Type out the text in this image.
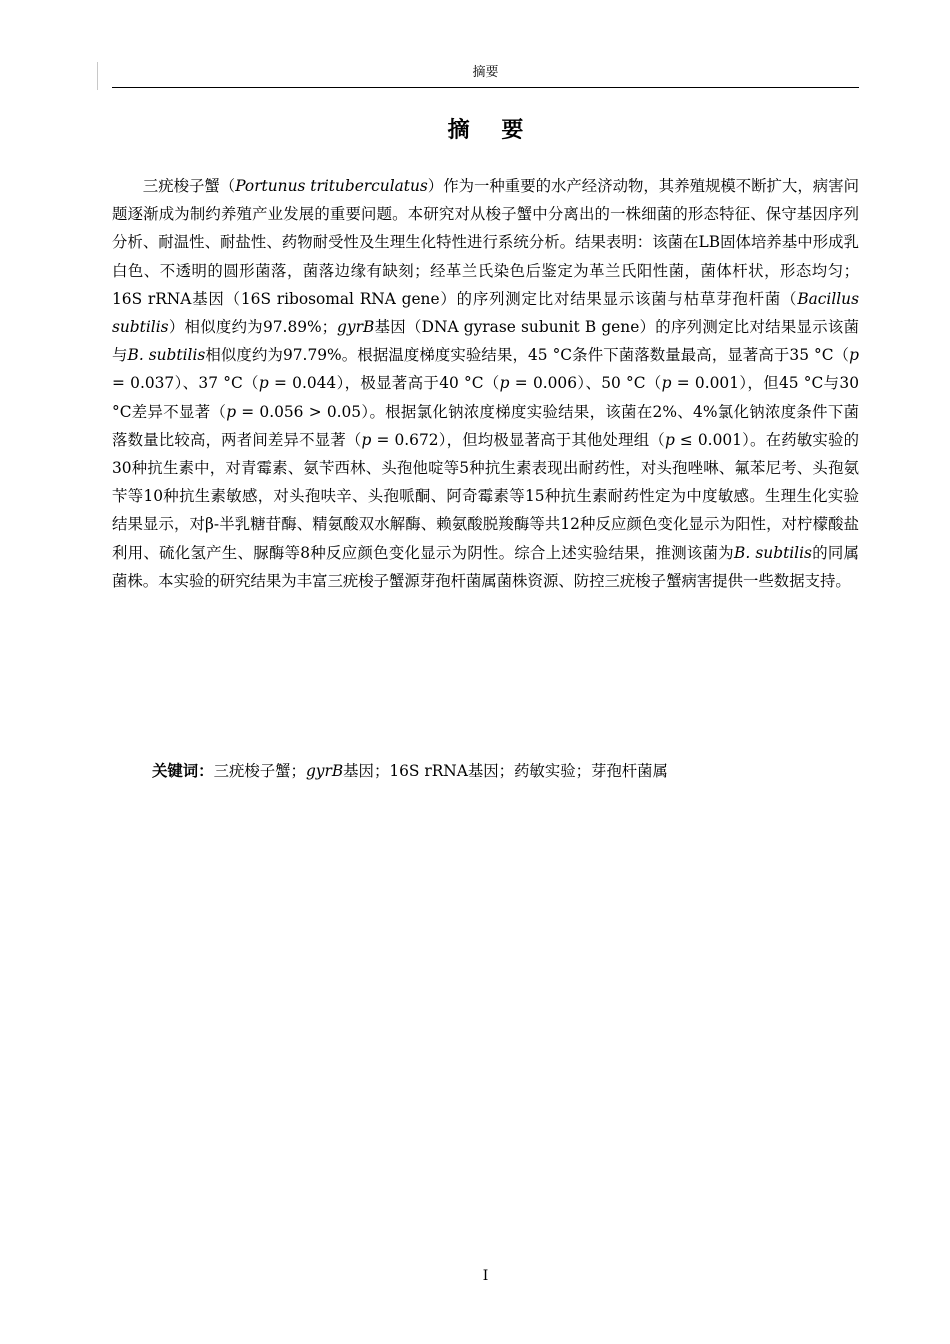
摘要
摘 要

三疣梭子蟹（Portunus trituberculatus）作为一种重要的水产经济动物，其养殖规模不断扩大，病害问题逐渐成为制约养殖产业发展的重要问题。本研究对从梭子蟹中分离出的一株细菌的形态特征、保守基因序列分析、耐温性、耐盐性、药物耐受性及生理生化特性进行系统分析。结果表明：该菌在LB固体培养基中形成乳白色、不透明的圆形菌落，菌落边缘有缺刻；经革兰氏染色后鉴定为革兰氏阳性菌，菌体杆状，形态均匀；16S rRNA基因（16S ribosomal RNA gene）的序列测定比对结果显示该菌与枯草芽孢杆菌（Bacillus subtilis）相似度约为97.89%；gyrB基因（DNA gyrase subunit B gene）的序列测定比对结果显示该菌与B. subtilis相似度约为97.79%。根据温度梯度实验结果，45 °C条件下菌落数量最高，显著高于35 °C（p = 0.037）、37 °C（p = 0.044），极显著高于40 °C（p = 0.006）、50 °C（p = 0.001），但45 °C与30 °C差异不显著（p = 0.056 > 0.05）。根据氯化钠浓度梯度实验结果，该菌在2%、4%氯化钠浓度条件下菌落数量比较高，两者间差异不显著（p = 0.672），但均极显著高于其他处理组（p ≤ 0.001）。在药敏实验的30种抗生素中，对青霉素、氨苄西林、头孢他啶等5种抗生素表现出耐药性，对头孢唑啉、氟苯尼考、头孢氨苄等10种抗生素敏感，对头孢呋辛、头孢哌酮、阿奇霉素等15种抗生素耐药性定为中度敏感。生理生化实验结果显示，对β-半乳糖苷酶、精氨酸双水解酶、赖氨酸脱羧酶等共12种反应颜色变化显示为阳性，对柠檬酸盐利用、硫化氢产生、脲酶等8种反应颜色变化显示为阴性。综合上述实验结果，推测该菌为B. subtilis的同属菌株。本实验的研究结果为丰富三疣梭子蟹源芽孢杆菌属菌株资源、防控三疣梭子蟹病害提供一些数据支持。

关键词：三疣梭子蟹；gyrB基因；16S rRNA基因；药敏实验；芽孢杆菌属
I
